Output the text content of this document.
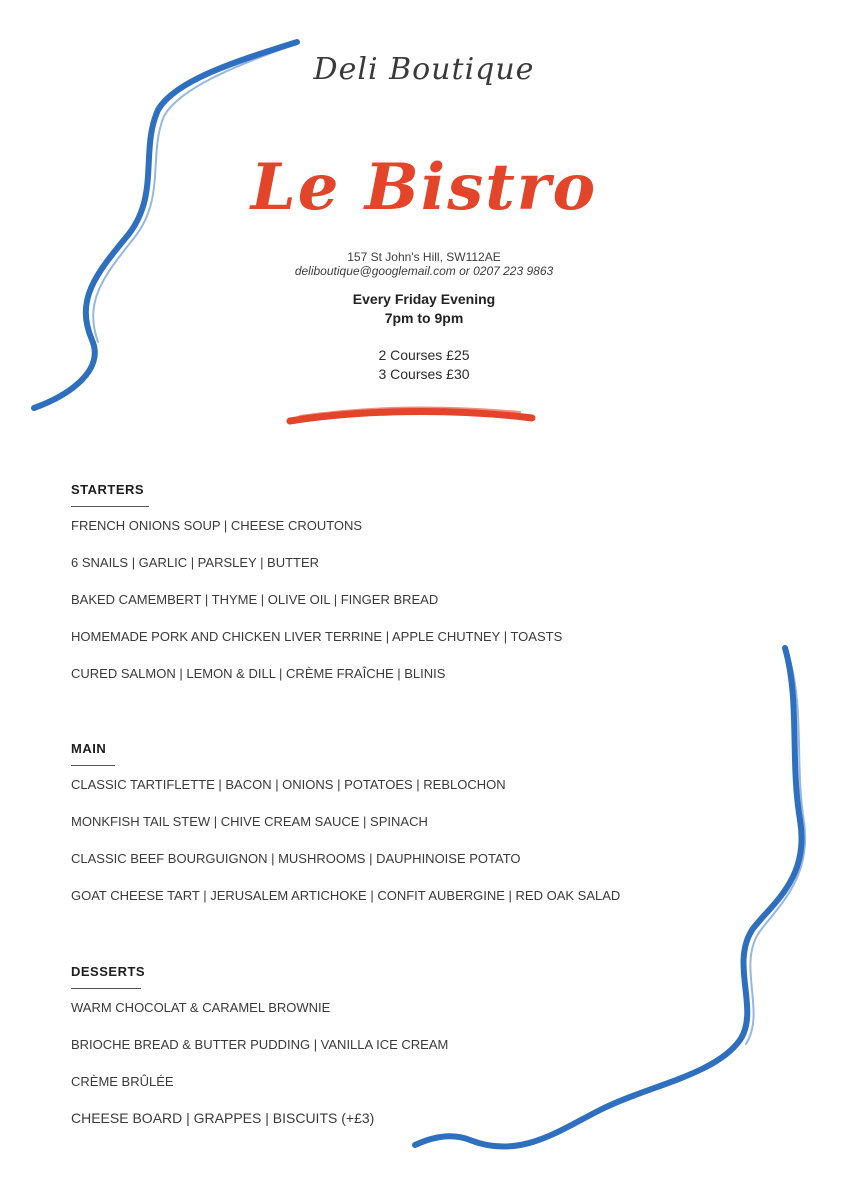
Deli Boutique
Le Bistro
157 St John's Hill, SW112AE
deliboutique@googlemail.com or 0207 223 9863
Every Friday Evening
7pm to 9pm
2 Courses £25
3 Courses £30
STARTERS
FRENCH ONIONS SOUP | CHEESE CROUTONS
6 SNAILS | GARLIC | PARSLEY | BUTTER
BAKED CAMEMBERT | THYME | OLIVE OIL | FINGER BREAD
HOMEMADE PORK AND CHICKEN LIVER TERRINE | APPLE CHUTNEY | TOASTS
CURED SALMON | LEMON & DILL | CRÈME FRAÎCHE | BLINIS
MAIN
CLASSIC TARTIFLETTE | BACON | ONIONS | POTATOES | REBLOCHON
MONKFISH TAIL STEW | CHIVE CREAM SAUCE | SPINACH
CLASSIC BEEF BOURGUIGNON | MUSHROOMS | DAUPHINOISE POTATO
GOAT CHEESE TART | JERUSALEM ARTICHOKE | CONFIT AUBERGINE | RED OAK SALAD
DESSERTS
WARM CHOCOLAT & CARAMEL BROWNIE
BRIOCHE BREAD & BUTTER PUDDING | VANILLA ICE CREAM
CRÈME BRÛLÉE
CHEESE BOARD | GRAPPES | BISCUITS (+£3)
